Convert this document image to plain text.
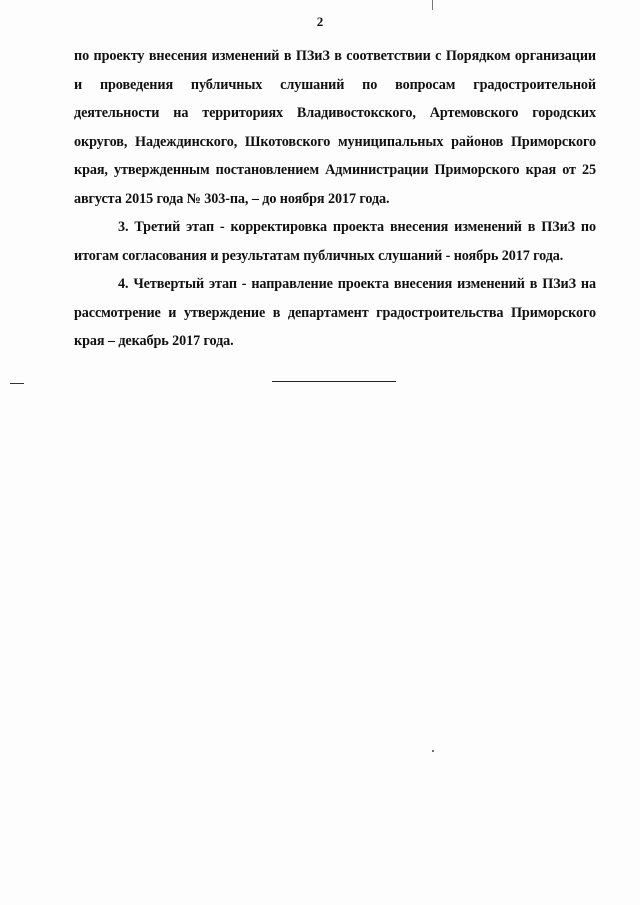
2

по проекту внесения изменений в ПЗиЗ в соответствии с Порядком организации и проведения публичных слушаний по вопросам градостроительной деятельности на территориях Владивостокского, Артемовского городских округов, Надеждинского, Шкотовского муниципальных районов Приморского края, утвержденным постановлением Администрации Приморского края от 25 августа 2015 года № 303-па, – до ноября 2017 года.

3. Третий этап - корректировка проекта внесения изменений в ПЗиЗ по итогам согласования и результатам публичных слушаний - ноябрь 2017 года.

4. Четвертый этап - направление проекта внесения изменений в ПЗиЗ на рассмотрение и утверждение в департамент градостроительства Приморского края – декабрь 2017 года.
